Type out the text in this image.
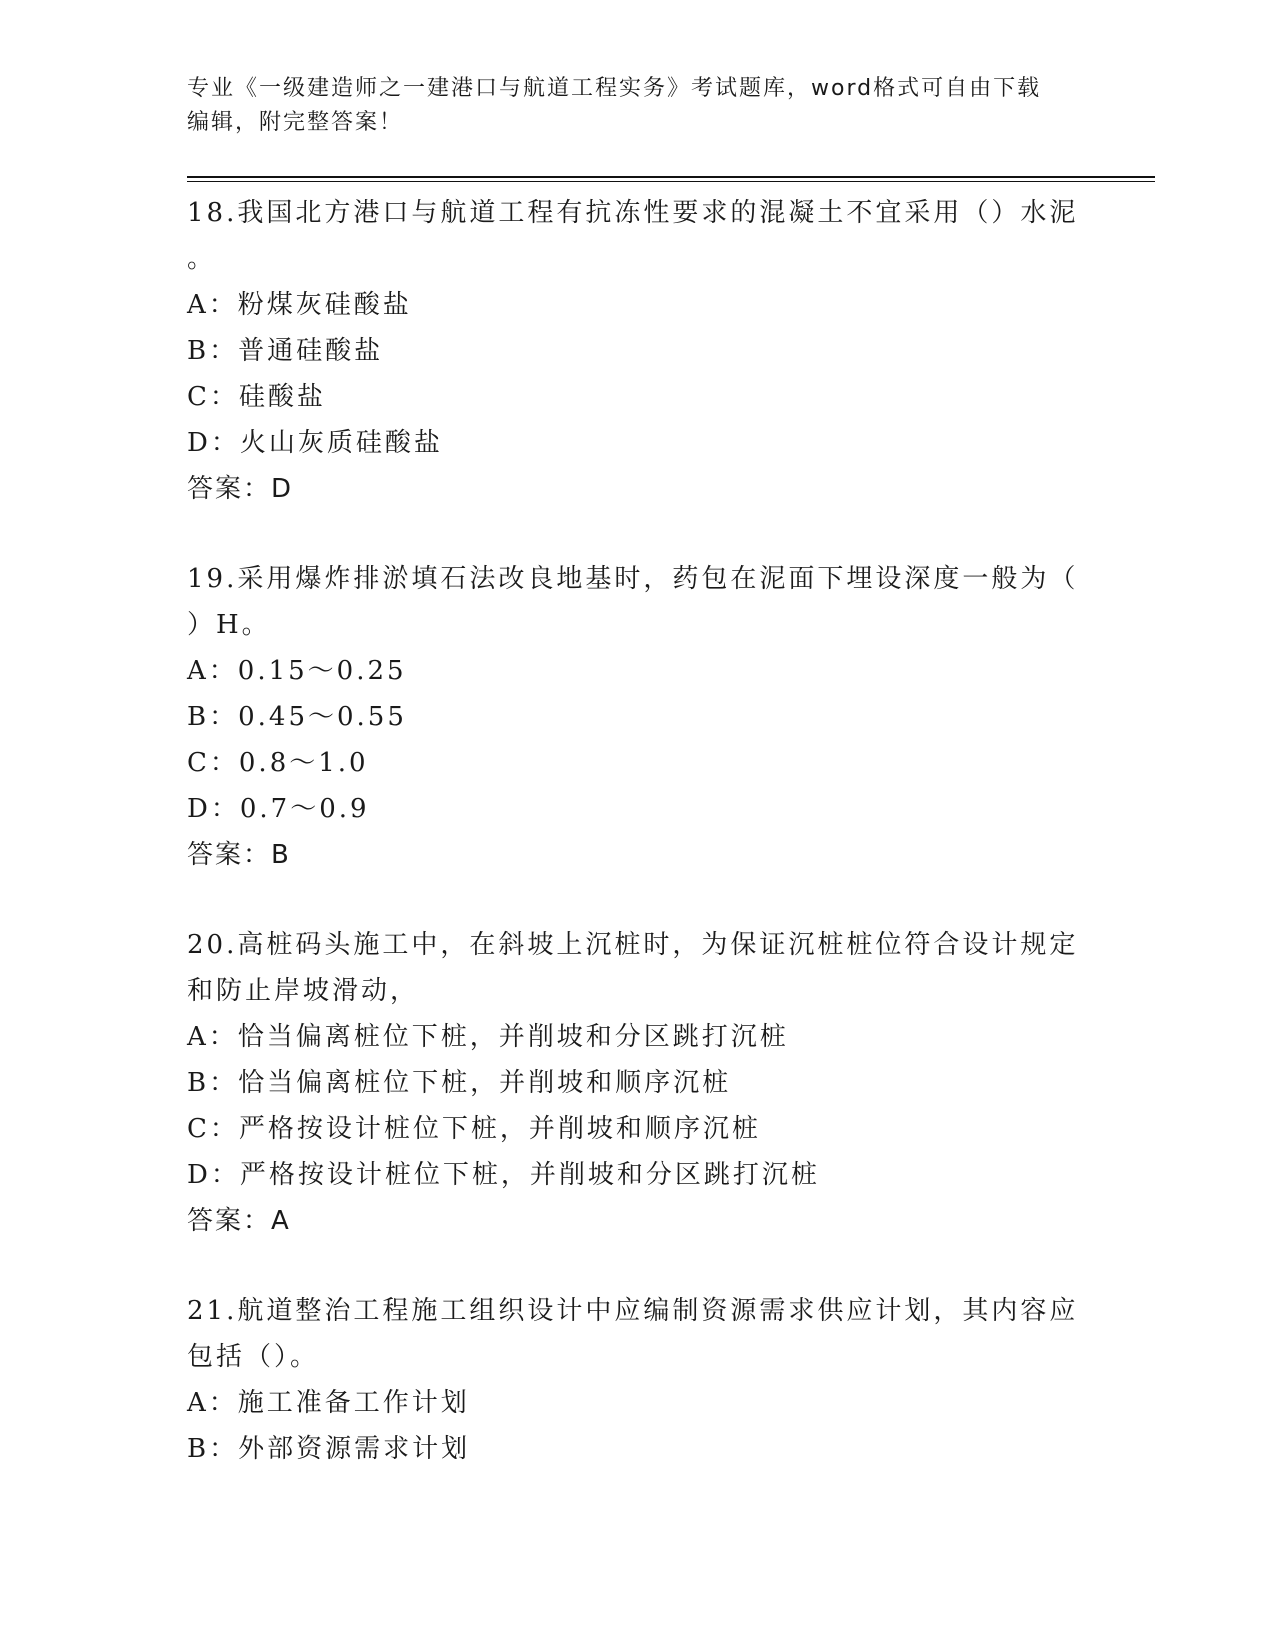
专业《一级建造师之一建港口与航道工程实务》考试题库，word格式可自由下载
编辑，附完整答案！
18.我国北方港口与航道工程有抗冻性要求的混凝土不宜采用（）水泥
。
A：粉煤灰硅酸盐
B：普通硅酸盐
C：硅酸盐
D：火山灰质硅酸盐
答案：D
19.采用爆炸排淤填石法改良地基时，药包在泥面下埋设深度一般为（
）H。
A：0.15～0.25
B：0.45～0.55
C：0.8～1.0
D：0.7～0.9
答案：B
20.高桩码头施工中，在斜坡上沉桩时，为保证沉桩桩位符合设计规定
和防止岸坡滑动，
A：恰当偏离桩位下桩，并削坡和分区跳打沉桩
B：恰当偏离桩位下桩，并削坡和顺序沉桩
C：严格按设计桩位下桩，并削坡和顺序沉桩
D：严格按设计桩位下桩，并削坡和分区跳打沉桩
答案：A
21.航道整治工程施工组织设计中应编制资源需求供应计划，其内容应
包括（）。
A：施工准备工作计划
B：外部资源需求计划
